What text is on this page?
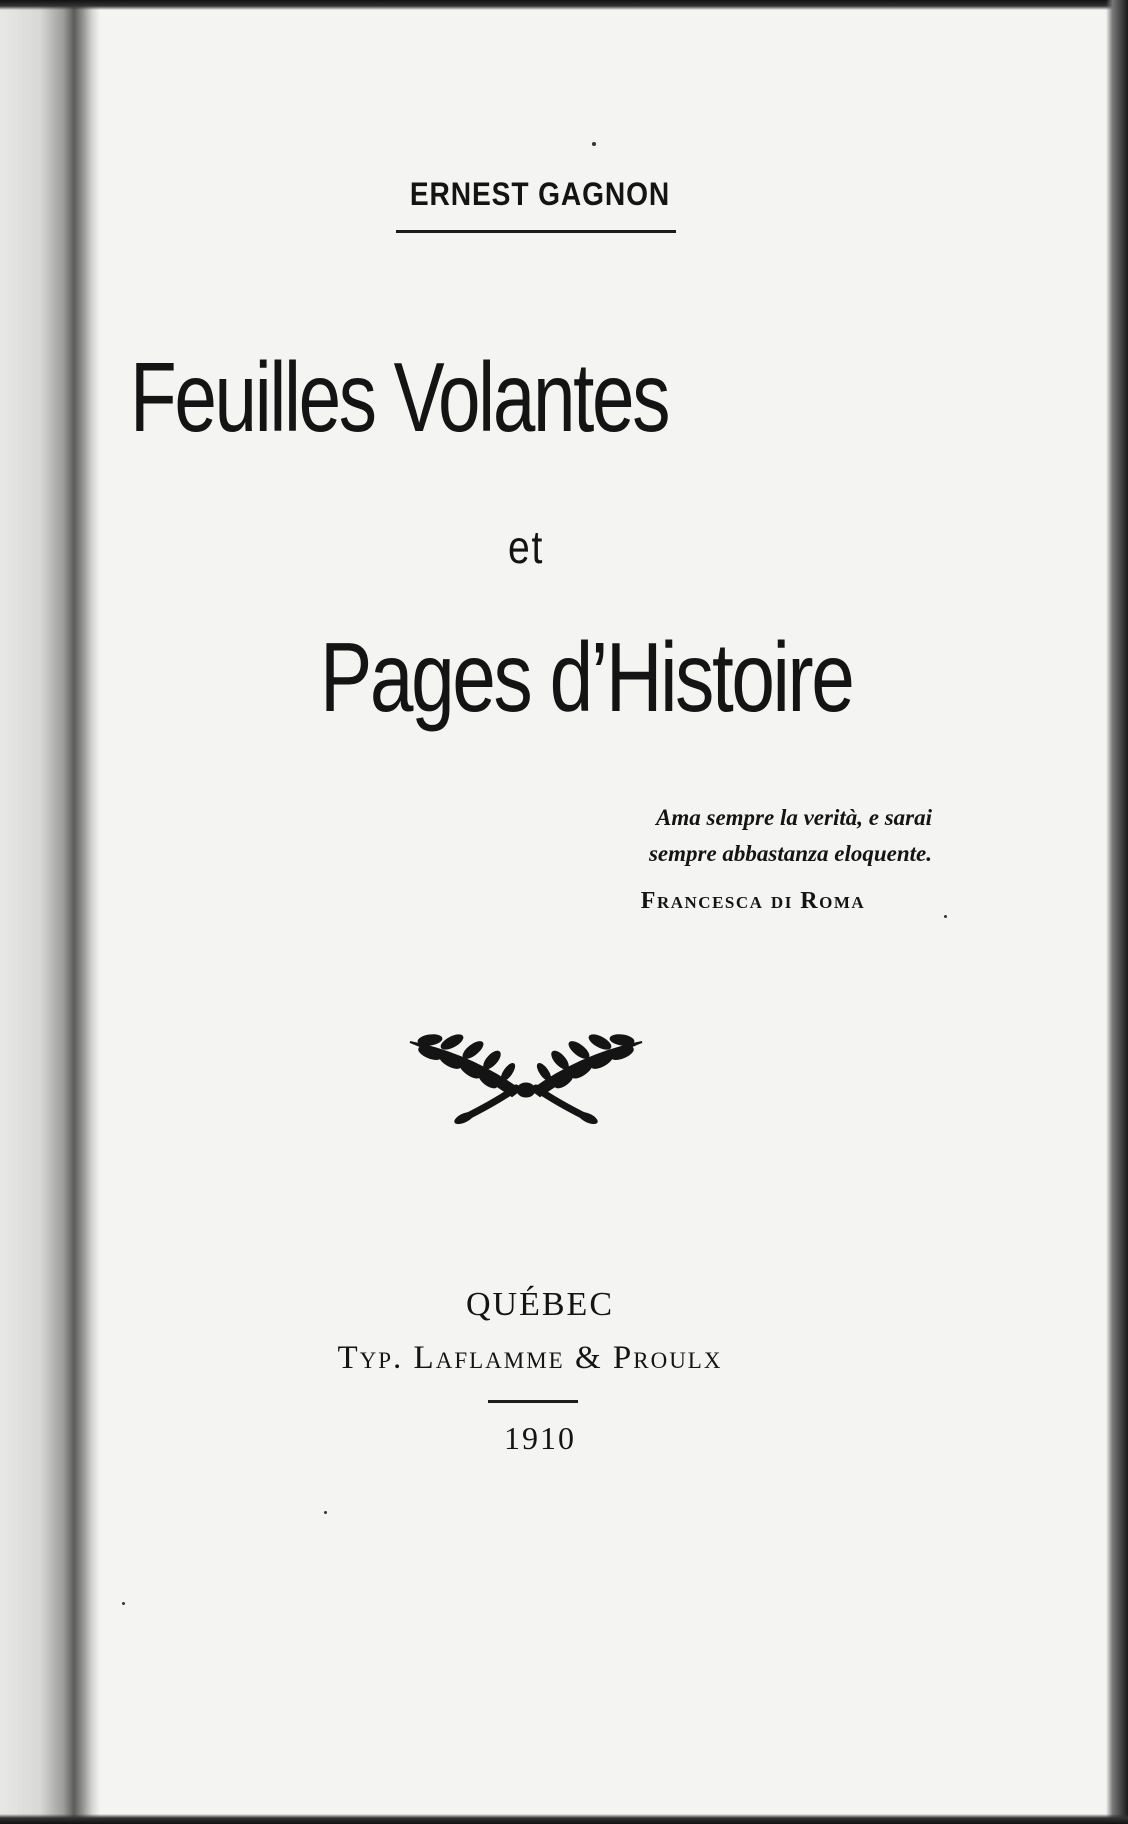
ERNEST GAGNON

Feuilles Volantes

et

Pages d’Histoire

Ama sempre la verità, e sarai
sempre abbastanza eloquente.

Francesca di Roma

QUÉBEC

Typ. Laflamme & Proulx

1910
